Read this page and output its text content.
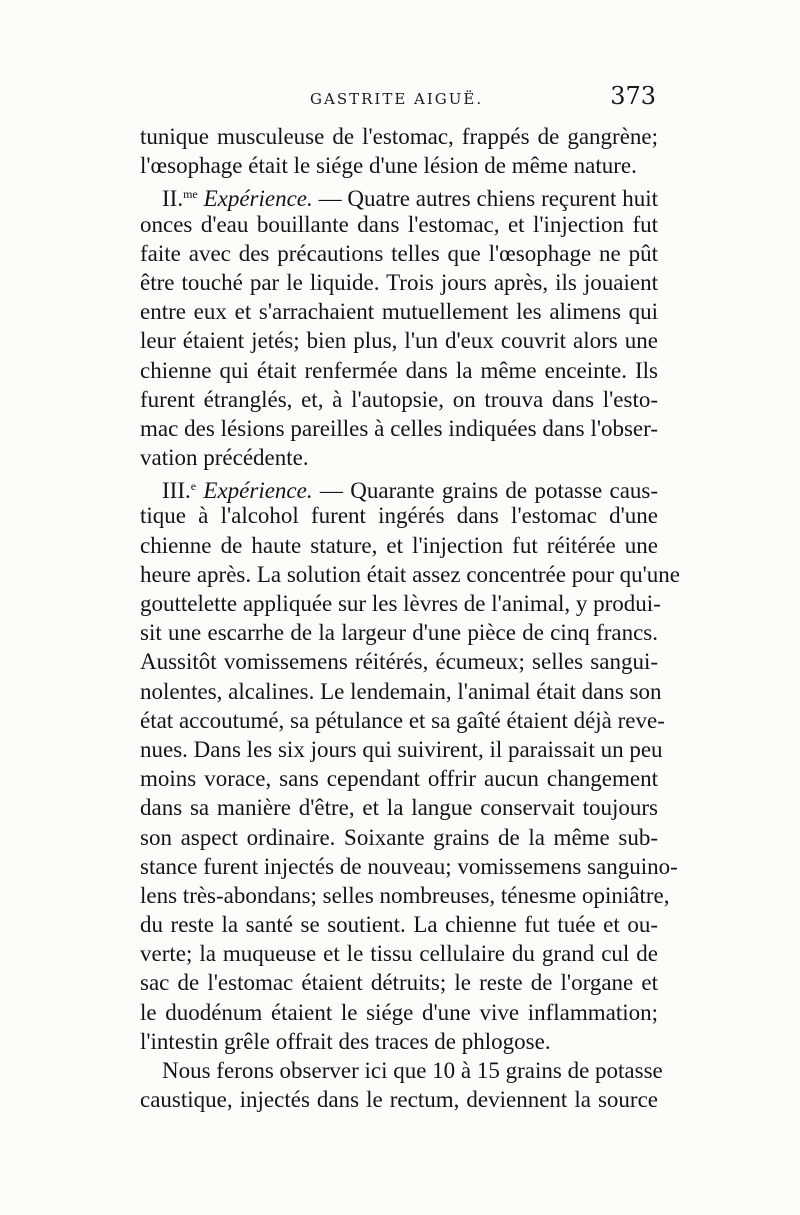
GASTRITE AIGUË.	373
tunique musculeuse de l'estomac, frappés de gangrène;
l'œsophage était le siége d'une lésion de même nature.
II.$^{me}$ Expérience. — Quatre autres chiens reçurent huit
onces d'eau bouillante dans l'estomac, et l'injection fut
faite avec des précautions telles que l'œsophage ne pût
être touché par le liquide. Trois jours après, ils jouaient
entre eux et s'arrachaient mutuellement les alimens qui
leur étaient jetés; bien plus, l'un d'eux couvrit alors une
chienne qui était renfermée dans la même enceinte. Ils
furent étranglés, et, à l'autopsie, on trouva dans l'esto-
mac des lésions pareilles à celles indiquées dans l'obser-
vation précédente.
III.$^e$ Expérience. — Quarante grains de potasse caus-
tique à l'alcohol furent ingérés dans l'estomac d'une
chienne de haute stature, et l'injection fut réitérée une
heure après. La solution était assez concentrée pour qu'une
gouttelette appliquée sur les lèvres de l'animal, y produi-
sit une escarrhe de la largeur d'une pièce de cinq francs.
Aussitôt vomissemens réitérés, écumeux; selles sangui-
nolentes, alcalines. Le lendemain, l'animal était dans son
état accoutumé, sa pétulance et sa gaîté étaient déjà reve-
nues. Dans les six jours qui suivirent, il paraissait un peu
moins vorace, sans cependant offrir aucun changement
dans sa manière d'être, et la langue conservait toujours
son aspect ordinaire. Soixante grains de la même sub-
stance furent injectés de nouveau; vomissemens sanguino-
lens très-abondans; selles nombreuses, ténesme opiniâtre,
du reste la santé se soutient. La chienne fut tuée et ou-
verte; la muqueuse et le tissu cellulaire du grand cul de
sac de l'estomac étaient détruits; le reste de l'organe et
le duodénum étaient le siége d'une vive inflammation;
l'intestin grêle offrait des traces de phlogose.
Nous ferons observer ici que 10 à 15 grains de potasse
caustique, injectés dans le rectum, deviennent la source
